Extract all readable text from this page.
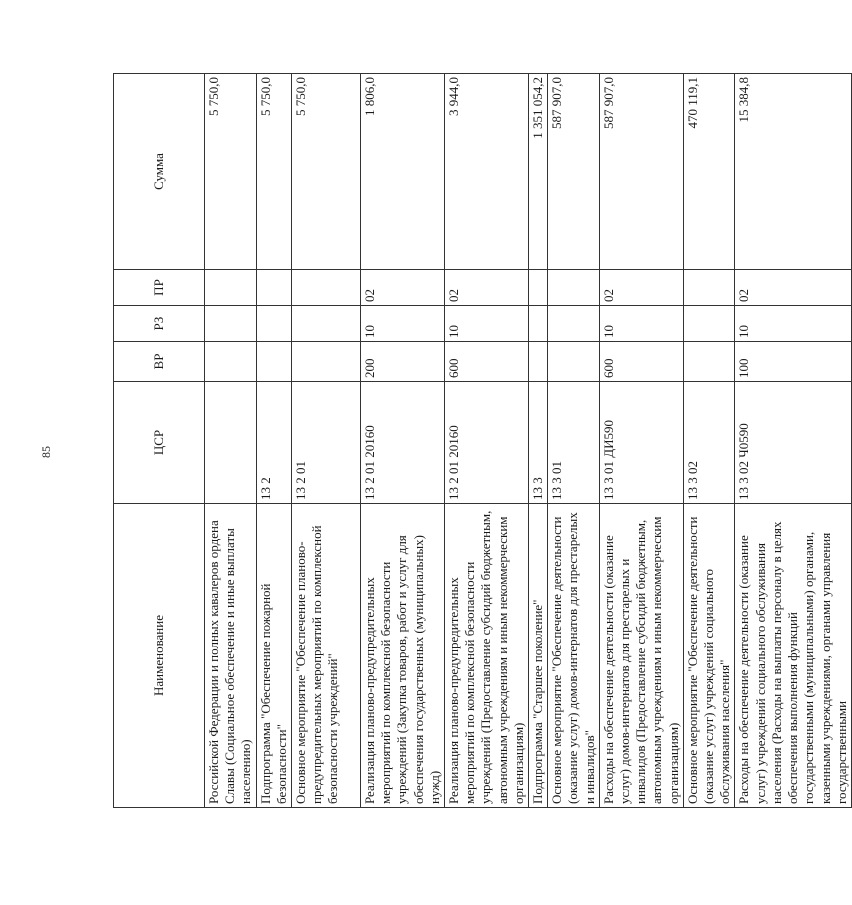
85
Наименование	ЦСР	ВР	РЗ	ПР	Сумма
Российской Федерации и полных кавалеров ордена Славы (Социальное обеспечение и иные выплаты населению)					5 750,0
Подпрограмма "Обеспечение пожарной безопасности"	13 2				5 750,0
Основное мероприятие "Обеспечение планово-предупредительных мероприятий по комплексной безопасности учреждений"	13 2 01				5 750,0
Реализация планово-предупредительных мероприятий по комплексной безопасности учреждений (Закупка товаров, работ и услуг для обеспечения государственных (муниципальных) нужд)	13 2 01 20160	200	10	02	1 806,0
Реализация планово-предупредительных мероприятий по комплексной безопасности учреждений (Предоставление субсидий бюджетным, автономным учреждениям и иным некоммерческим организациям)	13 2 01 20160	600	10	02	3 944,0
Подпрограмма "Старшее поколение"	13 3				1 351 054,2
Основное мероприятие "Обеспечение деятельности (оказание услуг) домов-интернатов для престарелых и инвалидов"	13 3 01				587 907,0
Расходы на обеспечение деятельности (оказание услуг) домов-интернатов для престарелых и инвалидов (Предоставление субсидий бюджетным, автономным учреждениям и иным некоммерческим организациям)	13 3 01 ДИ590	600	10	02	587 907,0
Основное мероприятие "Обеспечение деятельности (оказание услуг) учреждений социального обслуживания населения"	13 3 02				470 119,1
Расходы на обеспечение деятельности (оказание услуг) учреждений социального обслуживания населения (Расходы на выплаты персоналу в целях обеспечения выполнения функций государственными (муниципальными) органами, казенными учреждениями, органами управления государственными	13 3 02 Ч0590	100	10	02	15 384,8
